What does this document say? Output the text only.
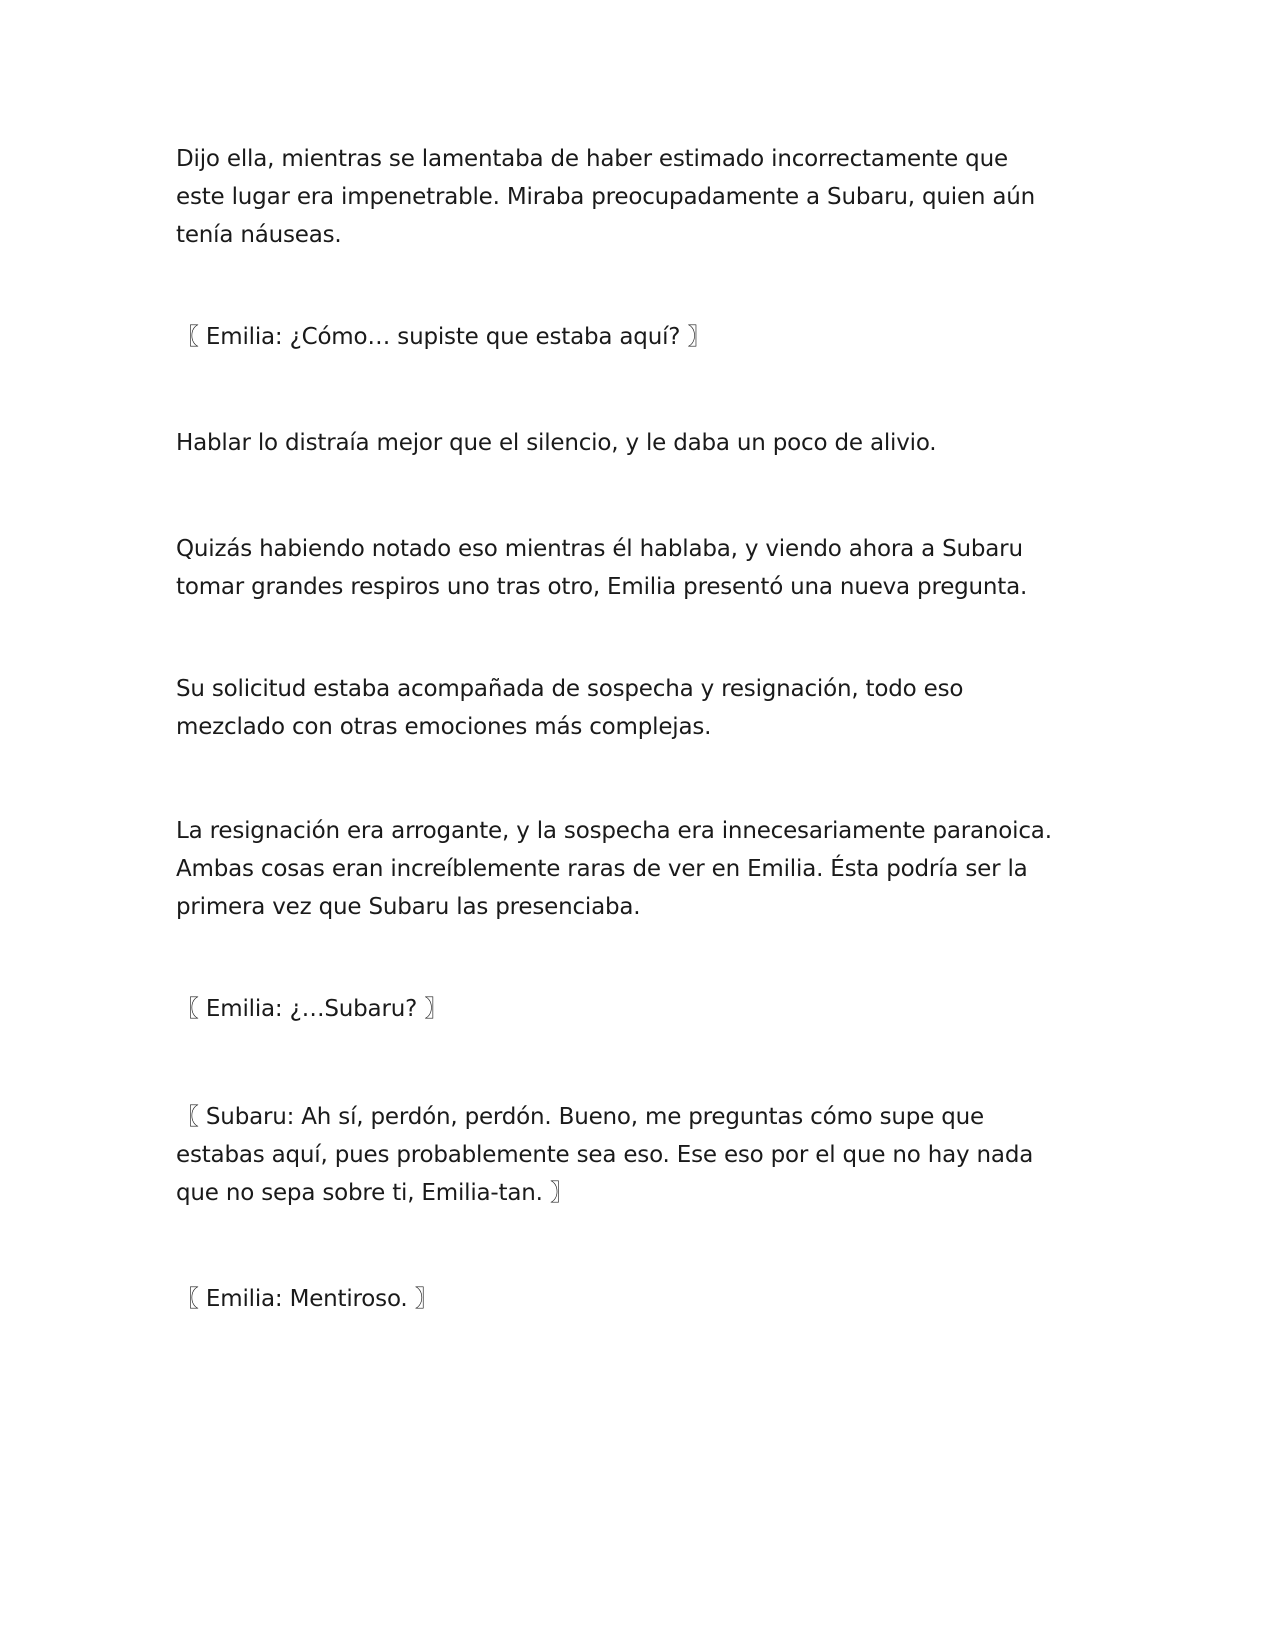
Dijo ella, mientras se lamentaba de haber estimado incorrectamente que
este lugar era impenetrable. Miraba preocupadamente a Subaru, quien aún
tenía náuseas.

〖 Emilia: ¿Cómo… supiste que estaba aquí? 〗

Hablar lo distraía mejor que el silencio, y le daba un poco de alivio.

Quizás habiendo notado eso mientras él hablaba, y viendo ahora a Subaru
tomar grandes respiros uno tras otro, Emilia presentó una nueva pregunta.

Su solicitud estaba acompañada de sospecha y resignación, todo eso
mezclado con otras emociones más complejas.

La resignación era arrogante, y la sospecha era innecesariamente paranoica.
Ambas cosas eran increíblemente raras de ver en Emilia. Ésta podría ser la
primera vez que Subaru las presenciaba.

〖 Emilia: ¿…Subaru? 〗

〖 Subaru: Ah sí, perdón, perdón. Bueno, me preguntas cómo supe que
estabas aquí, pues probablemente sea eso. Ese eso por el que no hay nada
que no sepa sobre ti, Emilia-tan. 〗

〖 Emilia: Mentiroso. 〗
